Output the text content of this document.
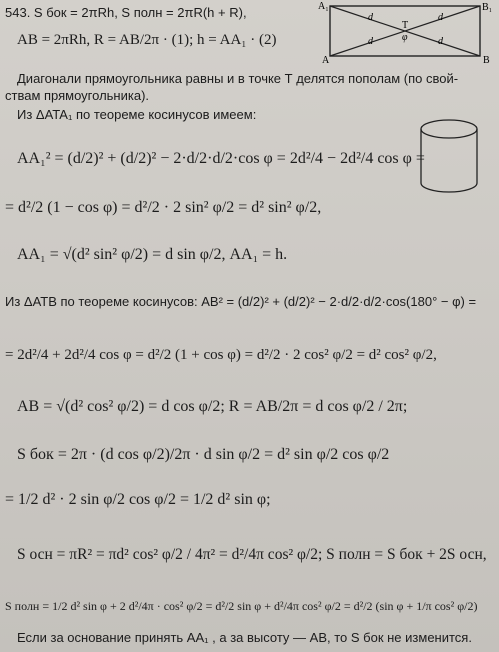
A₁	B₁
B
A
T
d	d
d	d
φ
543. S бок = 2πRh, S полн = 2πR(h + R),
AB = 2πRh, R = AB/2π · (1); h = AA₁ · (2)
Диагонали прямоугольника равны и в точке Т делятся пополам (по свой-
ствам прямоугольника).
Из ΔATA₁ по теореме косинусов имеем:
AA₁² = (d/2)² + (d/2)² − 2·d/2·d/2·cos φ = 2d²/4 − 2d²/4 cos φ =
= d²/2 (1 − cos φ) = d²/2 · 2 sin² φ/2 = d² sin² φ/2,
AA₁ = √(d² sin² φ/2) = d sin φ/2, AA₁ = h.
Из ΔАТВ по теореме косинусов: AB² = (d/2)² + (d/2)² − 2·d/2·d/2·cos(180° − φ) =
= 2d²/4 + 2d²/4 cos φ = d²/2 (1 + cos φ) = d²/2 · 2 cos² φ/2 = d² cos² φ/2,
AB = √(d² cos² φ/2) = d cos φ/2; R = AB/2π = d cos φ/2 / 2π;
S бок = 2π · (d cos φ/2)/2π · d sin φ/2 = d² sin φ/2 cos φ/2
= 1/2 d² · 2 sin φ/2 cos φ/2 = 1/2 d² sin φ;
S осн = πR² = πd² cos² φ/2 / 4π² = d²/4π cos² φ/2; S полн = S бок + 2S осн,
S полн = 1/2 d² sin φ + 2 d²/4π · cos² φ/2 = d²/2 sin φ + d²/4π cos² φ/2 = d²/2 (sin φ + 1/π cos² φ/2)
Если за основание принять AA₁ , а за высоту — АВ, то S бок не изменится.
